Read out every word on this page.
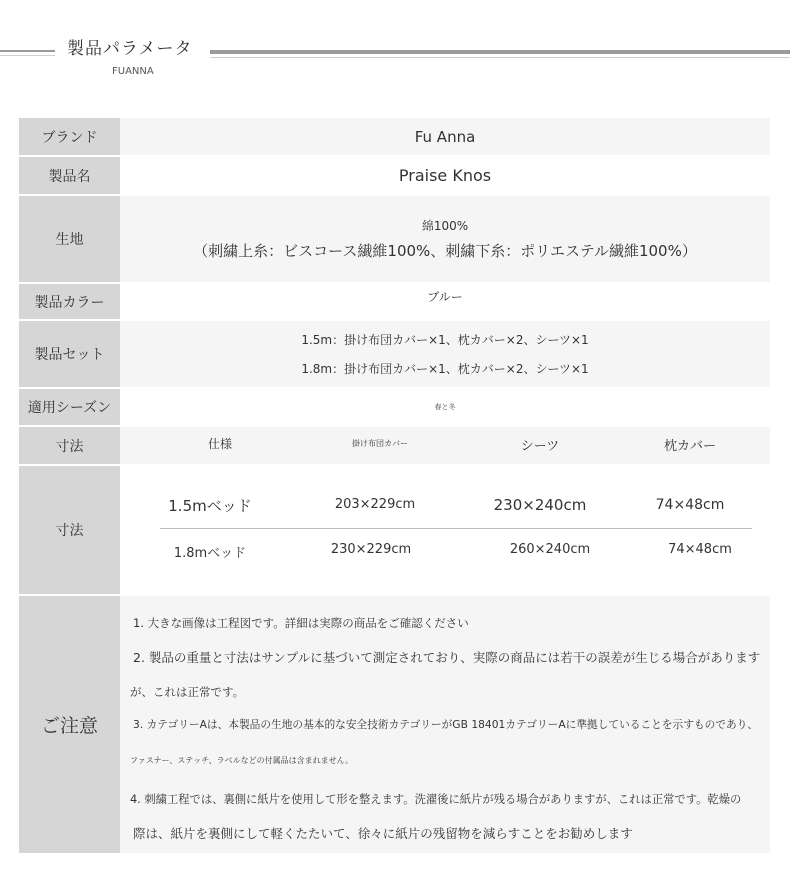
製品パラメータ
FUANNA
ブランド	Fu Anna
製品名	Praise Knos
生地
綿100%
（刺繍上糸：ビスコース繊維100%、刺繍下糸：ポリエステル繊維100%）
製品カラー	ブルー
製品セット
1.5m：掛け布団カバー×1、枕カバー×2、シーツ×1
1.8m：掛け布団カバー×1、枕カバー×2、シーツ×1
適用シーズン	春と冬
寸法	仕様	掛け布団カバー	シーツ	枕カバー
寸法
1.5mベッド	203×229cm	230×240cm	74×48cm
1.8mベッド	230×229cm	260×240cm	74×48cm
ご注意
1. 大きな画像は工程図です。詳細は実際の商品をご確認ください
2. 製品の重量と寸法はサンプルに基づいて測定されており、実際の商品には若干の誤差が生じる場合があります
が、これは正常です。
3. カテゴリーAは、本製品の生地の基本的な安全技術カテゴリーがGB 18401カテゴリーAに準拠していることを示すものであり、
ファスナー、ステッチ、ラベルなどの付属品は含まれません。
4. 刺繍工程では、裏側に紙片を使用して形を整えます。洗濯後に紙片が残る場合がありますが、これは正常です。乾燥の
際は、紙片を裏側にして軽くたたいて、徐々に紙片の残留物を減らすことをお勧めします
